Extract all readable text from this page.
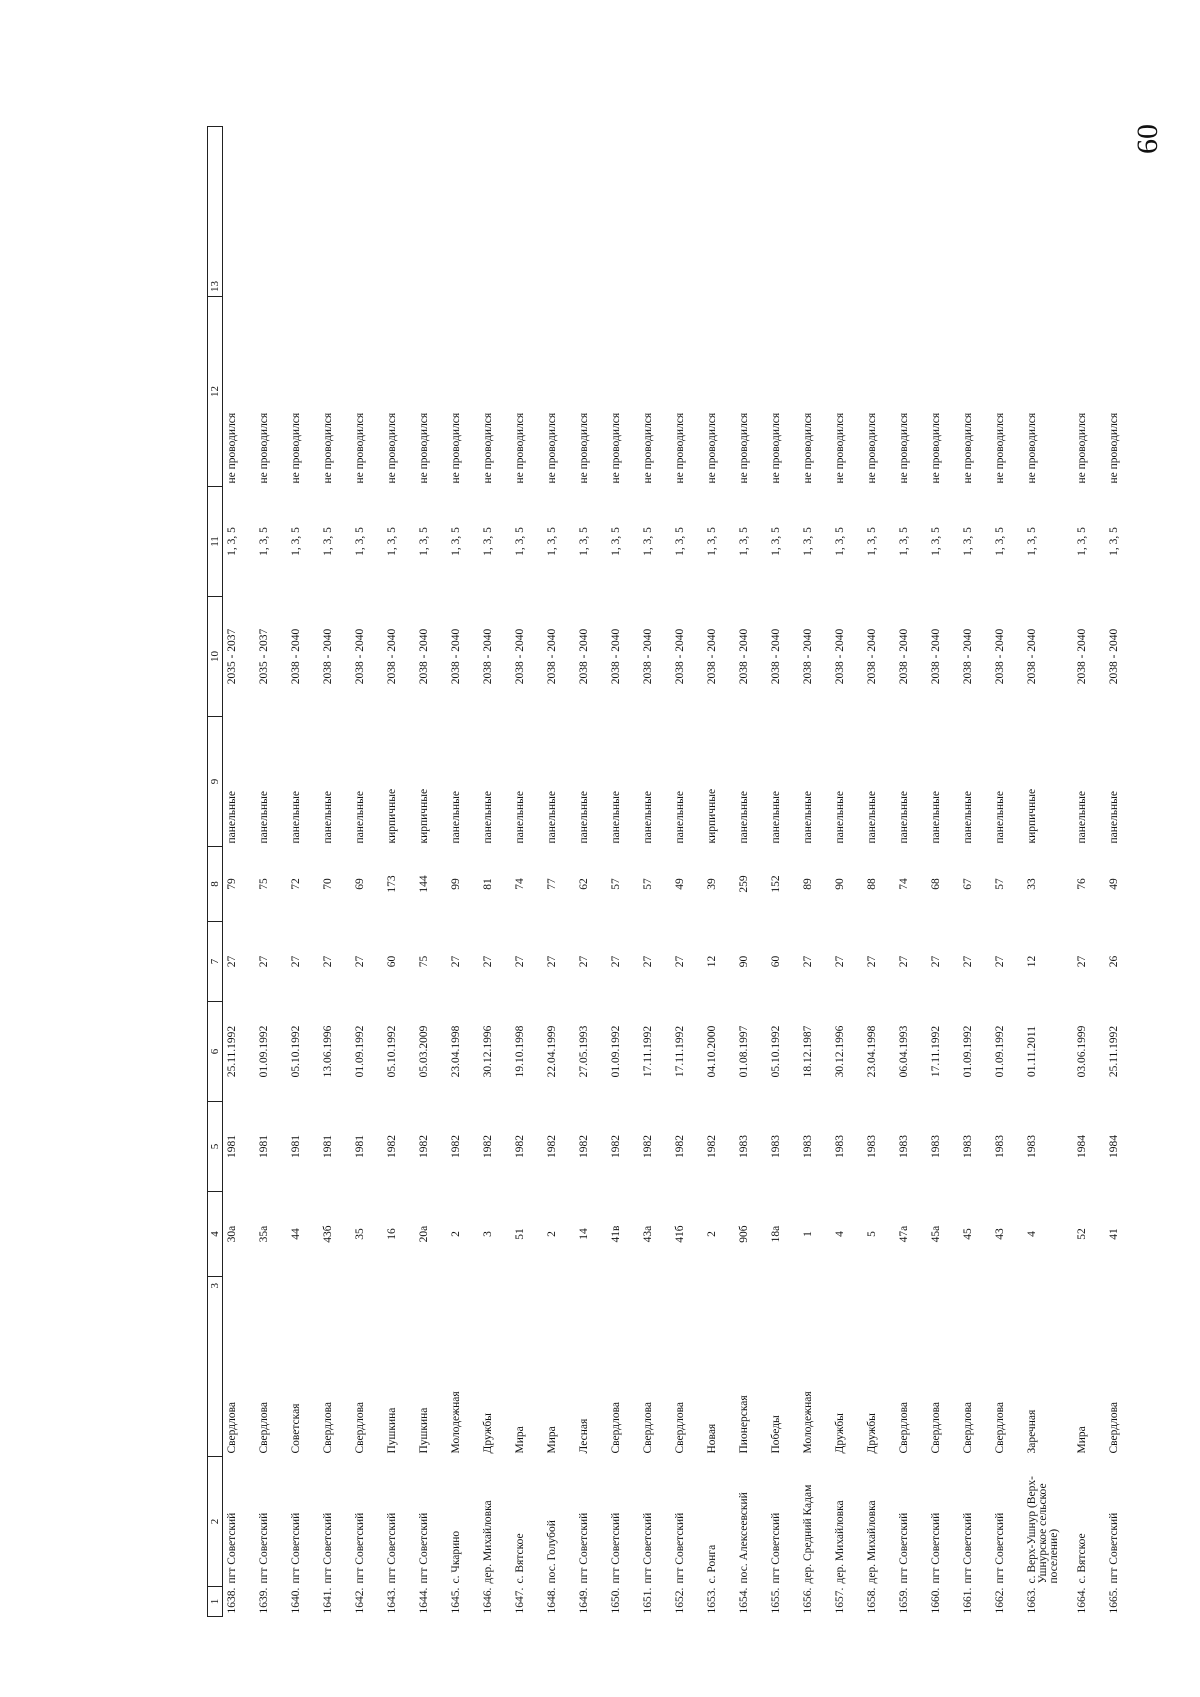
60
1	2	3	4	5	6	7	8	9	10	11	12	13
1638.	пгт Советский	Свердлова	30а	1981	25.11.1992	27	79	панельные	2035 - 2037	1, 3, 5	не проводился	
1639.	пгт Советский	Свердлова	35а	1981	01.09.1992	27	75	панельные	2035 - 2037	1, 3, 5	не проводился	
1640.	пгт Советский	Советская	44	1981	05.10.1992	27	72	панельные	2038 - 2040	1, 3, 5	не проводился	
1641.	пгт Советский	Свердлова	43б	1981	13.06.1996	27	70	панельные	2038 - 2040	1, 3, 5	не проводился	
1642.	пгт Советский	Свердлова	35	1981	01.09.1992	27	69	панельные	2038 - 2040	1, 3, 5	не проводился	
1643.	пгт Советский	Пушкина	16	1982	05.10.1992	60	173	кирпичные	2038 - 2040	1, 3, 5	не проводился	
1644.	пгт Советский	Пушкина	20а	1982	05.03.2009	75	144	кирпичные	2038 - 2040	1, 3, 5	не проводился	
1645.	с. Чкарино	Молодежная	2	1982	23.04.1998	27	99	панельные	2038 - 2040	1, 3, 5	не проводился	
1646.	дер. Михайловка	Дружбы	3	1982	30.12.1996	27	81	панельные	2038 - 2040	1, 3, 5	не проводился	
1647.	с. Вятское	Мира	51	1982	19.10.1998	27	74	панельные	2038 - 2040	1, 3, 5	не проводился	
1648.	пос. Голубой	Мира	2	1982	22.04.1999	27	77	панельные	2038 - 2040	1, 3, 5	не проводился	
1649.	пгт Советский	Лесная	14	1982	27.05.1993	27	62	панельные	2038 - 2040	1, 3, 5	не проводился	
1650.	пгт Советский	Свердлова	41в	1982	01.09.1992	27	57	панельные	2038 - 2040	1, 3, 5	не проводился	
1651.	пгт Советский	Свердлова	43а	1982	17.11.1992	27	57	панельные	2038 - 2040	1, 3, 5	не проводился	
1652.	пгт Советский	Свердлова	41б	1982	17.11.1992	27	49	панельные	2038 - 2040	1, 3, 5	не проводился	
1653.	с. Ронга	Новая	2	1982	04.10.2000	12	39	кирпичные	2038 - 2040	1, 3, 5	не проводился	
1654.	пос. Алексеевский	Пионерская	90б	1983	01.08.1997	90	259	панельные	2038 - 2040	1, 3, 5	не проводился	
1655.	пгт Советский	Победы	18а	1983	05.10.1992	60	152	панельные	2038 - 2040	1, 3, 5	не проводился	
1656.	дер. Средний Кадам	Молодежная	1	1983	18.12.1987	27	89	панельные	2038 - 2040	1, 3, 5	не проводился	
1657.	дер. Михайловка	Дружбы	4	1983	30.12.1996	27	90	панельные	2038 - 2040	1, 3, 5	не проводился	
1658.	дер. Михайловка	Дружбы	5	1983	23.04.1998	27	88	панельные	2038 - 2040	1, 3, 5	не проводился	
1659.	пгт Советский	Свердлова	47а	1983	06.04.1993	27	74	панельные	2038 - 2040	1, 3, 5	не проводился	
1660.	пгт Советский	Свердлова	45а	1983	17.11.1992	27	68	панельные	2038 - 2040	1, 3, 5	не проводился	
1661.	пгт Советский	Свердлова	45	1983	01.09.1992	27	67	панельные	2038 - 2040	1, 3, 5	не проводился	
1662.	пгт Советский	Свердлова	43	1983	01.09.1992	27	57	панельные	2038 - 2040	1, 3, 5	не проводился	
1663.	с. Верх-Ушнур (Верх-Ушнурское сельское поселение)	Заречная	4	1983	01.11.2011	12	33	кирпичные	2038 - 2040	1, 3, 5	не проводился	
1664.	с. Вятское	Мира	52	1984	03.06.1999	27	76	панельные	2038 - 2040	1, 3, 5	не проводился	
1665.	пгт Советский	Свердлова	41	1984	25.11.1992	26	49	панельные	2038 - 2040	1, 3, 5	не проводился	
